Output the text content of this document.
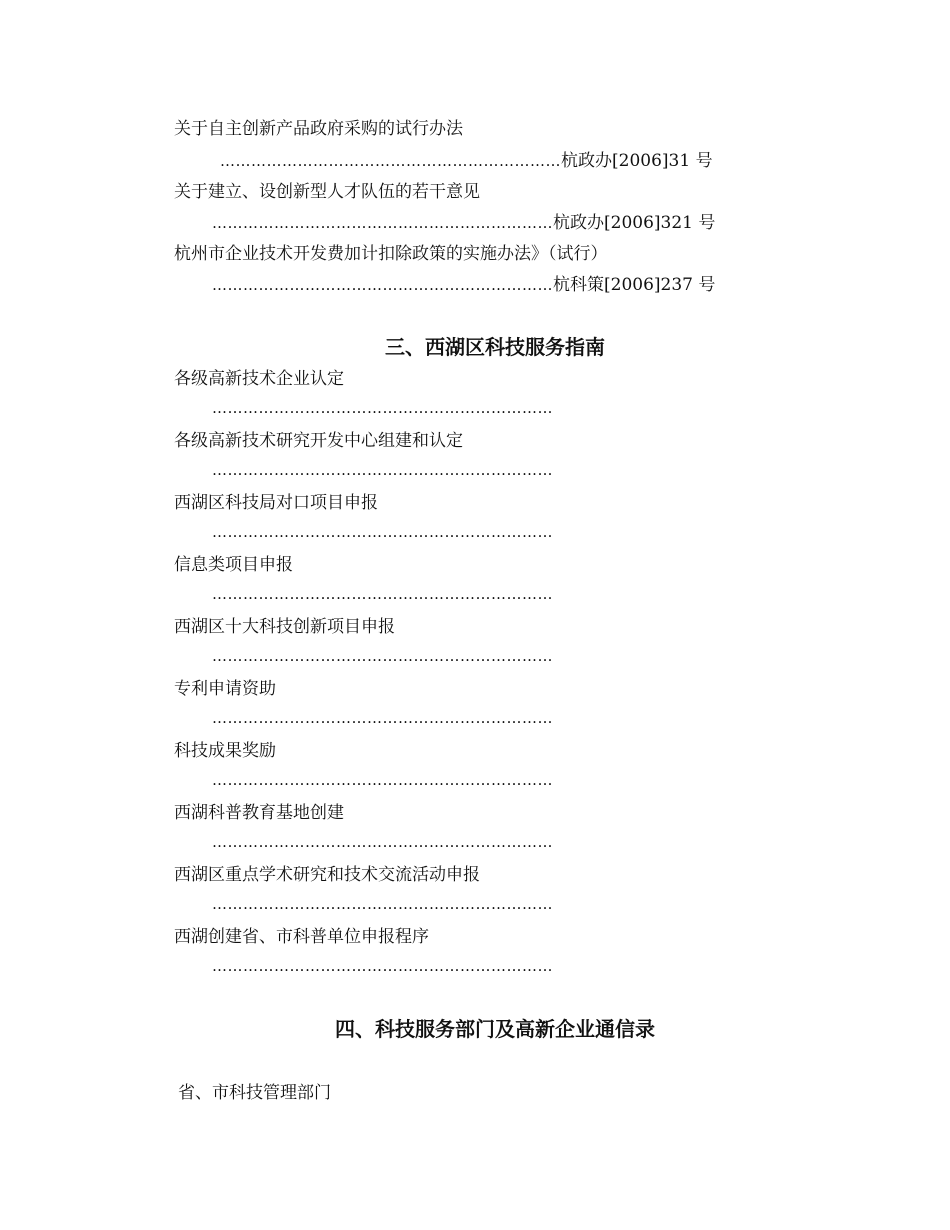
关于自主创新产品政府采购的试行办法
…………………………………………………………杭政办[2006]31 号
关于建立、设创新型人才队伍的若干意见
…………………………………………………………杭政办[2006]321 号
杭州市企业技术开发费加计扣除政策的实施办法》（试行）
…………………………………………………………杭科策[2006]237 号
三、西湖区科技服务指南
各级高新技术企业认定
…………………………………………………………
各级高新技术研究开发中心组建和认定
…………………………………………………………
西湖区科技局对口项目申报
…………………………………………………………
信息类项目申报
…………………………………………………………
西湖区十大科技创新项目申报
…………………………………………………………
专利申请资助
…………………………………………………………
科技成果奖励
…………………………………………………………
西湖科普教育基地创建
…………………………………………………………
西湖区重点学术研究和技术交流活动申报
…………………………………………………………
西湖创建省、市科普单位申报程序
…………………………………………………………
四、科技服务部门及高新企业通信录
省、市科技管理部门
